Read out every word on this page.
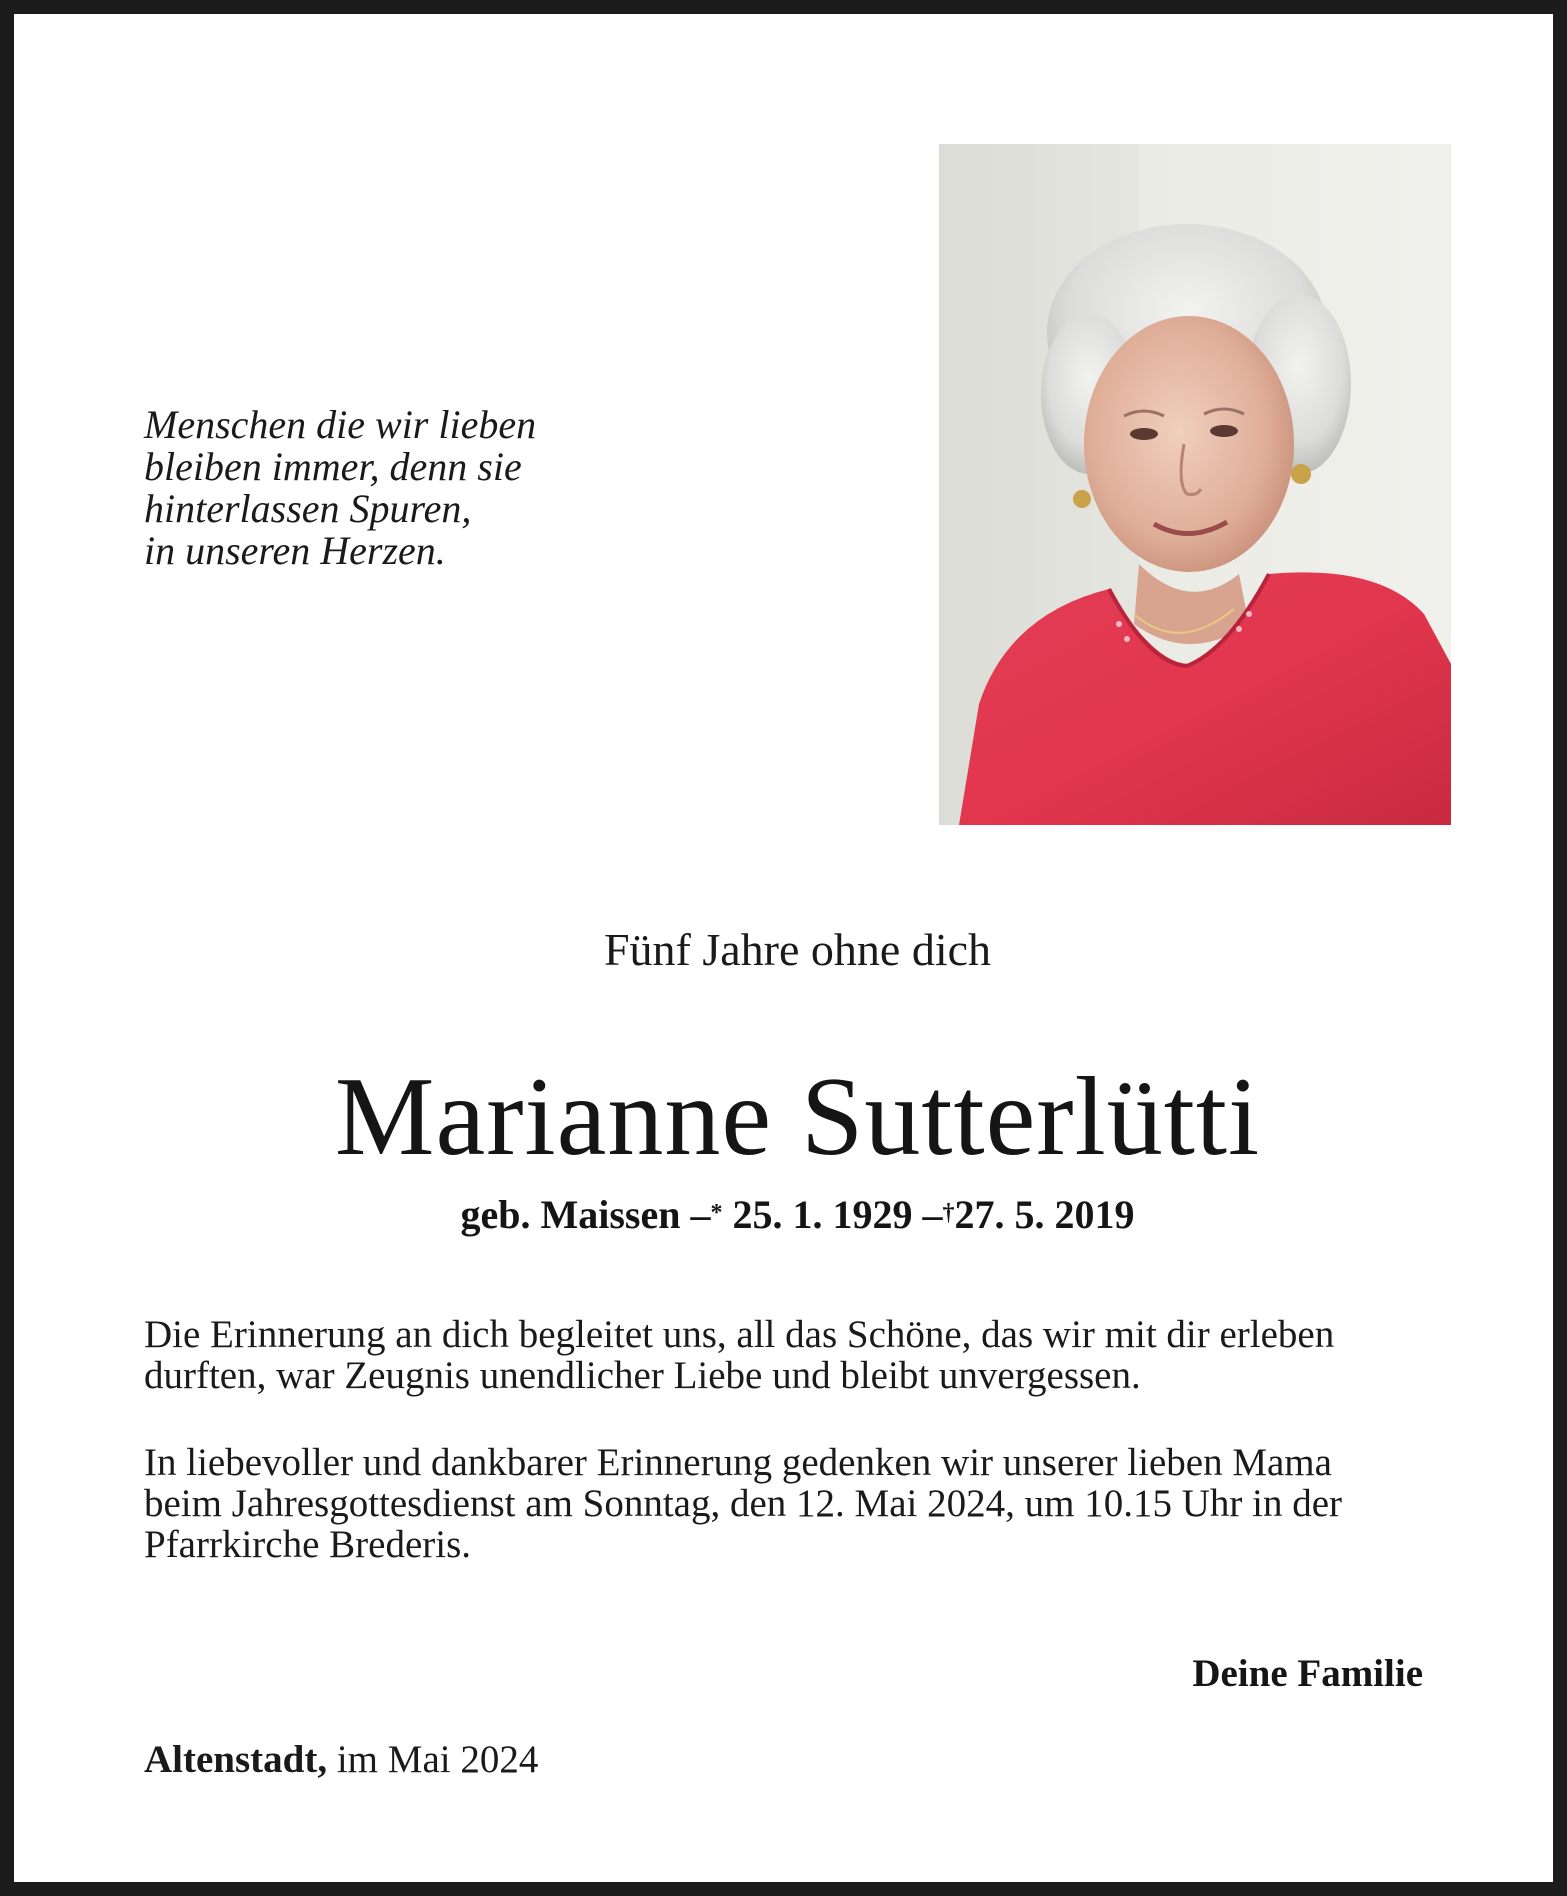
Menschen die wir lieben
bleiben immer, denn sie
hinterlassen Spuren,
in unseren Herzen.
Fünf Jahre ohne dich
Marianne Sutterlütti
geb. Maissen –* 25. 1. 1929 –†27. 5. 2019
Die Erinnerung an dich begleitet uns, all das Schöne, das wir mit dir erleben
durften, war Zeugnis unendlicher Liebe und bleibt unvergessen.
In liebevoller und dankbarer Erinnerung gedenken wir unserer lieben Mama
beim Jahresgottesdienst am Sonntag, den 12. Mai 2024, um 10.15 Uhr in der
Pfarrkirche Brederis.
Deine Familie
Altenstadt, im Mai 2024
